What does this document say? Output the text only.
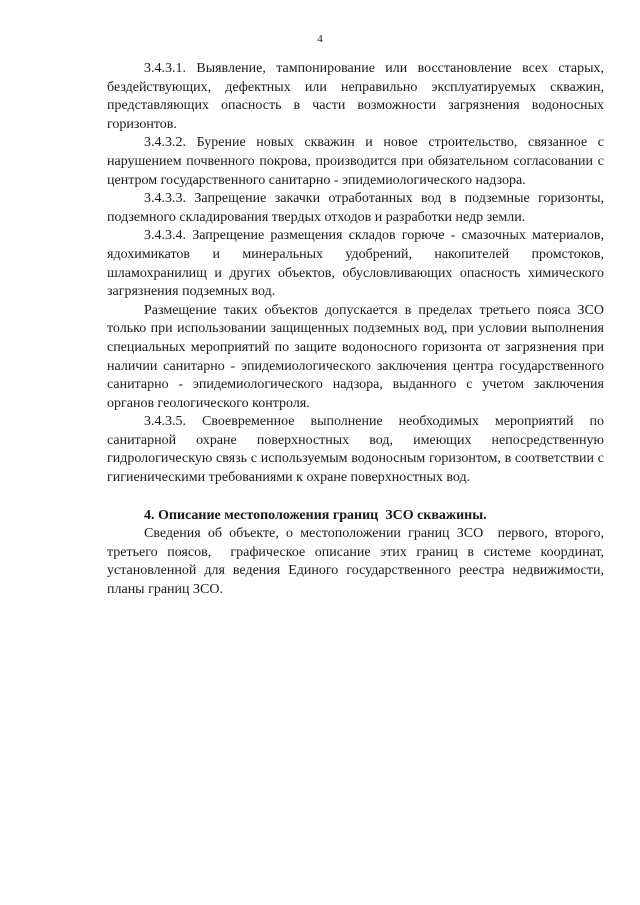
4

3.4.3.1. Выявление, тампонирование или восстановление всех старых, бездействующих, дефектных или неправильно эксплуатируемых скважин, представляющих опасность в части возможности загрязнения водоносных горизонтов.

3.4.3.2. Бурение новых скважин и новое строительство, связанное с нарушением почвенного покрова, производится при обязательном согласовании с центром государственного санитарно - эпидемиологического надзора.

3.4.3.3. Запрещение закачки отработанных вод в подземные горизонты, подземного складирования твердых отходов и разработки недр земли.

3.4.3.4. Запрещение размещения складов горюче - смазочных материалов, ядохимикатов и минеральных удобрений, накопителей промстоков, шламохранилищ и других объектов, обусловливающих опасность химического загрязнения подземных вод.

Размещение таких объектов допускается в пределах третьего пояса ЗСО только при использовании защищенных подземных вод, при условии выполнения специальных мероприятий по защите водоносного горизонта от загрязнения при наличии санитарно - эпидемиологического заключения центра государственного санитарно - эпидемиологического надзора, выданного с учетом заключения органов геологического контроля.

3.4.3.5. Своевременное выполнение необходимых мероприятий по санитарной охране поверхностных вод, имеющих непосредственную гидрологическую связь с используемым водоносным горизонтом, в соответствии с гигиеническими требованиями к охране поверхностных вод.

4. Описание местоположения границ  ЗСО скважины.

Сведения об объекте, о местоположении границ ЗСО  первого, второго, третьего поясов,  графическое описание этих границ в системе координат, установленной для ведения Единого государственного реестра недвижимости, планы границ ЗСО.
